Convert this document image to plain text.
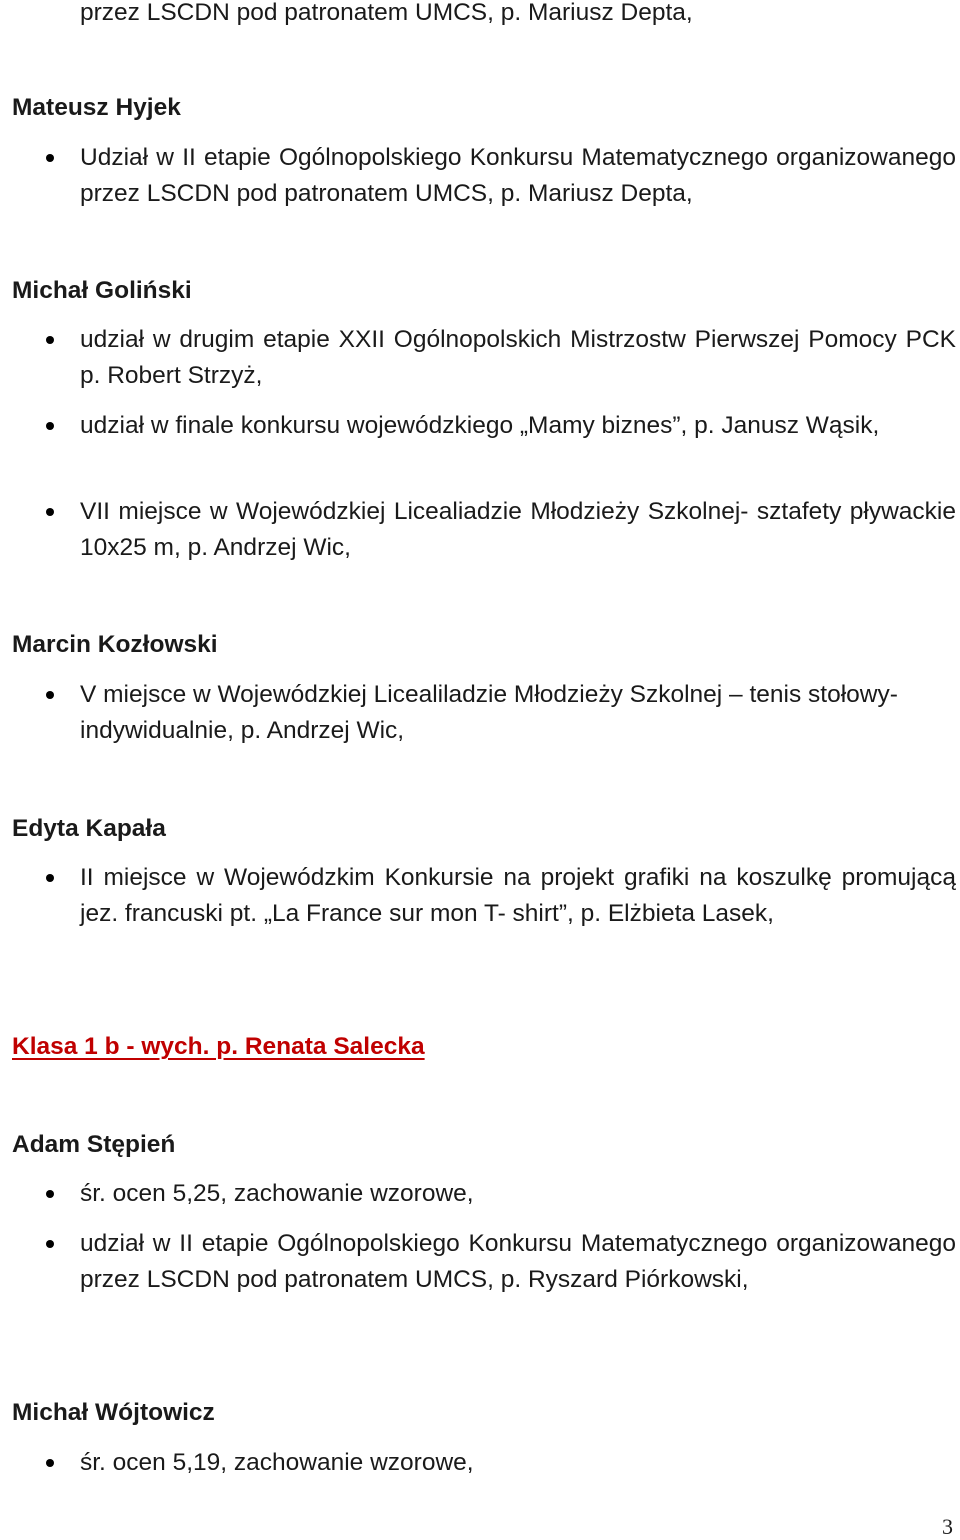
przez LSCDN pod patronatem UMCS, p. Mariusz Depta,

Mateusz Hyjek

Udział w II etapie Ogólnopolskiego Konkursu Matematycznego organizowanego przez LSCDN pod patronatem UMCS, p. Mariusz Depta,

Michał Goliński

udział w drugim etapie XXII Ogólnopolskich Mistrzostw Pierwszej Pomocy PCK p. Robert Strzyż,

udział w finale konkursu wojewódzkiego „Mamy biznes”, p. Janusz Wąsik,

VII miejsce w Wojewódzkiej Licealiadzie Młodzieży Szkolnej- sztafety pływackie 10x25 m, p. Andrzej Wic,

Marcin Kozłowski

V miejsce w Wojewódzkiej Licealiladzie Młodzieży Szkolnej – tenis stołowy- indywidualnie, p. Andrzej Wic,

Edyta Kapała

II miejsce w Wojewódzkim Konkursie na projekt grafiki na koszulkę promującą jez. francuski pt. „La France sur mon T- shirt”, p. Elżbieta Lasek,

Klasa 1 b - wych. p. Renata Salecka

Adam Stępień

śr. ocen 5,25, zachowanie wzorowe,

udział w II etapie Ogólnopolskiego Konkursu Matematycznego organizowanego przez LSCDN pod patronatem UMCS, p. Ryszard Piórkowski,

Michał Wójtowicz

śr. ocen 5,19, zachowanie wzorowe,

3
